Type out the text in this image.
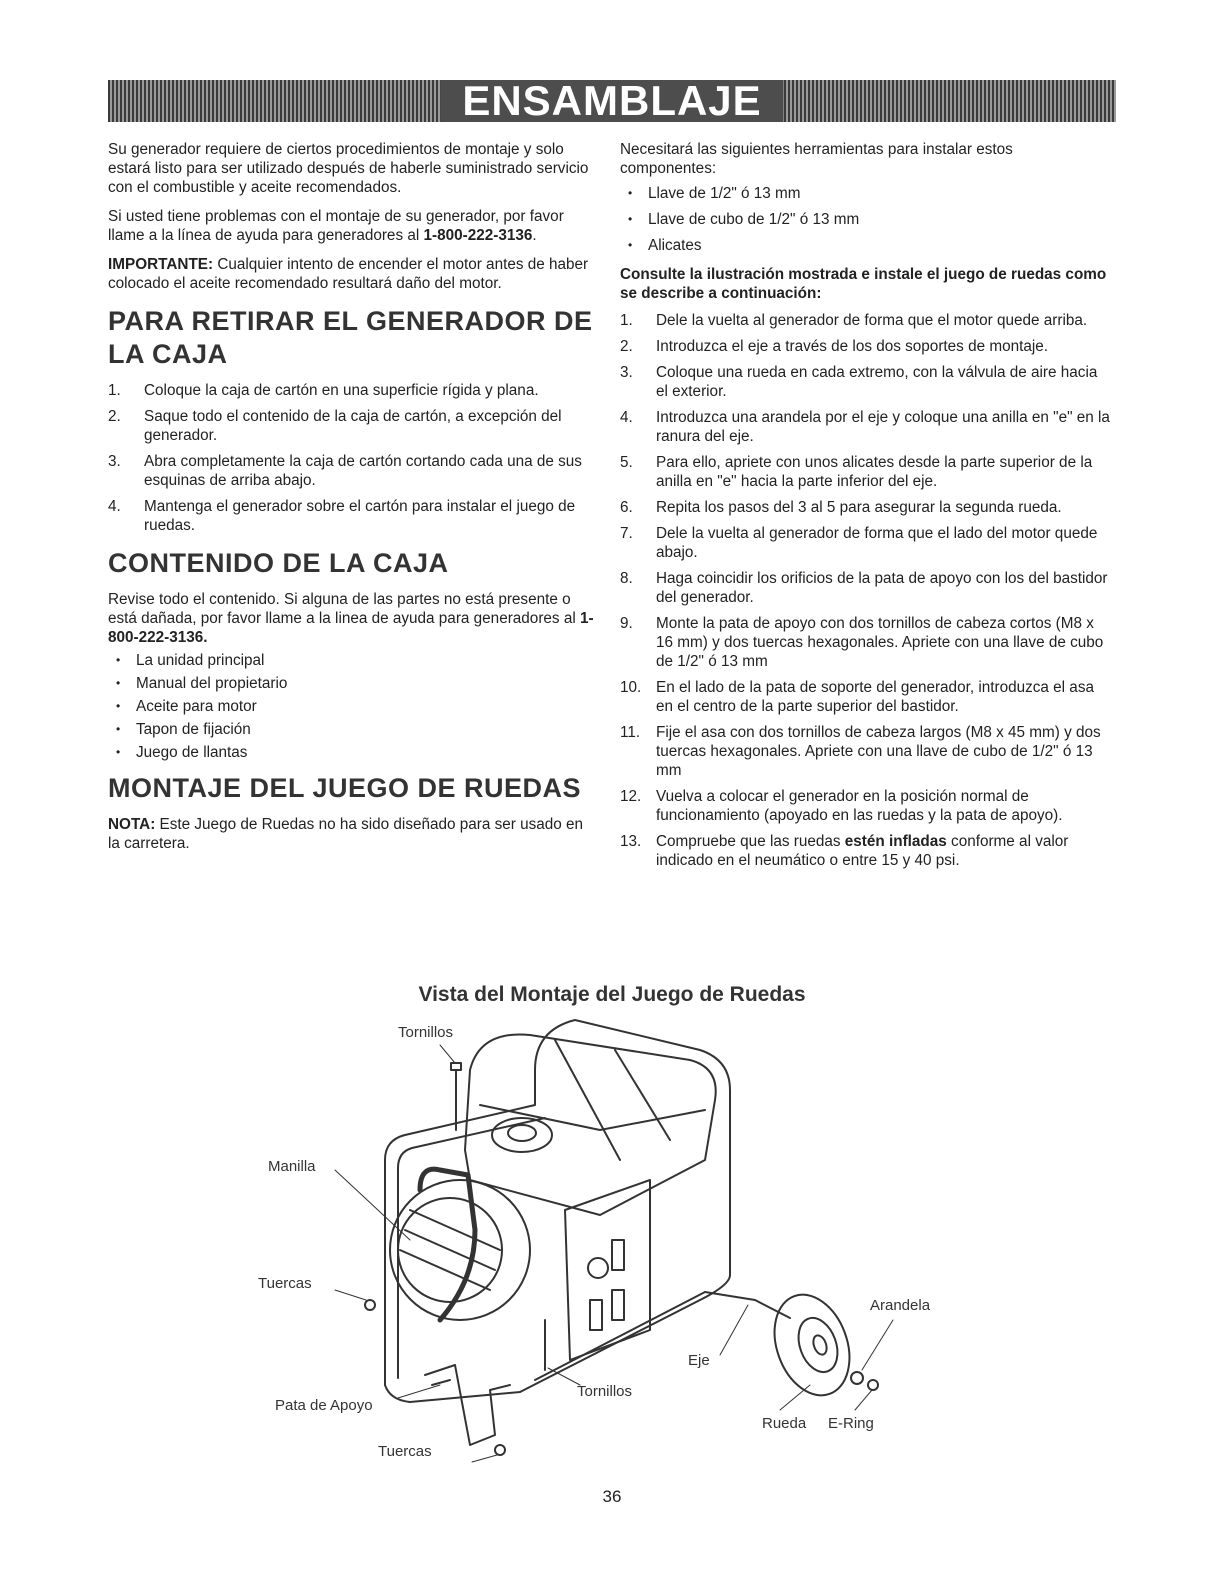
ENSAMBLAJE

Su generador requiere de ciertos procedimientos de montaje y solo estará listo para ser utilizado después de haberle suministrado servicio con el combustible y aceite recomendados.

Si usted tiene problemas con el montaje de su generador, por favor llame a la línea de ayuda para generadores al 1-800-222-3136.

IMPORTANTE: Cualquier intento de encender el motor antes de haber colocado el aceite recomendado resultará daño del motor.

PARA RETIRAR EL GENERADOR DE LA CAJA
1.	Coloque la caja de cartón en una superficie rígida y plana.
2.	Saque todo el contenido de la caja de cartón, a excepción del generador.
3.	Abra completamente la caja de cartón cortando cada una de sus esquinas de arriba abajo.
4.	Mantenga el generador sobre el cartón para instalar el juego de ruedas.
CONTENIDO DE LA CAJA

Revise todo el contenido. Si alguna de las partes no está presente o está dañada, por favor llame a la linea de ayuda para generadores al 1-800-222-3136.

• La unidad principal
• Manual del propietario
• Aceite para motor
• Tapon de fijación
• Juego de llantas
MONTAJE DEL JUEGO DE RUEDAS

NOTA: Este Juego de Ruedas no ha sido diseñado para ser usado en la carretera.

Necesitará las siguientes herramientas para instalar estos componentes:

• Llave de 1/2" ó 13 mm
• Llave de cubo de 1/2" ó 13 mm
• Alicates

Consulte la ilustración mostrada e instale el juego de ruedas como se describe a continuación:

1.	Dele la vuelta al generador de forma que el motor quede arriba.
2.	Introduzca el eje a través de los dos soportes de montaje.
3.	Coloque una rueda en cada extremo, con la válvula de aire hacia el exterior.
4.	Introduzca una arandela por el eje y coloque una anilla en "e" en la ranura del eje.
5.	Para ello, apriete con unos alicates desde la parte superior de la anilla en "e" hacia la parte inferior del eje.
6.	Repita los pasos del 3 al 5 para asegurar la segunda rueda.
7.	Dele la vuelta al generador de forma que el lado del motor quede abajo.
8.	Haga coincidir los orificios de la pata de apoyo con los del bastidor del generador.
9.	Monte la pata de apoyo con dos tornillos de cabeza cortos (M8 x 16 mm) y dos tuercas hexagonales. Apriete con una llave de cubo de 1/2" ó 13 mm
10. En el lado de la pata de soporte del generador, introduzca el asa en el centro de la parte superior del bastidor.
11.	Fije el asa con dos tornillos de cabeza largos (M8 x 45 mm) y dos tuercas hexagonales. Apriete con una llave de cubo de 1/2" ó 13 mm
12. Vuelva a colocar el generador en la posición normal de funcionamiento (apoyado en las ruedas y la pata de apoyo).
13. Compruebe que las ruedas estén infladas conforme al valor indicado en el neumático o entre 15 y 40 psi.
Vista del Montaje del Juego de Ruedas
Tornillos
Manilla
Tuercas
Pata de Apoyo
Tuercas
Tornillos
Eje
Arandela
Rueda E-Ring
36
